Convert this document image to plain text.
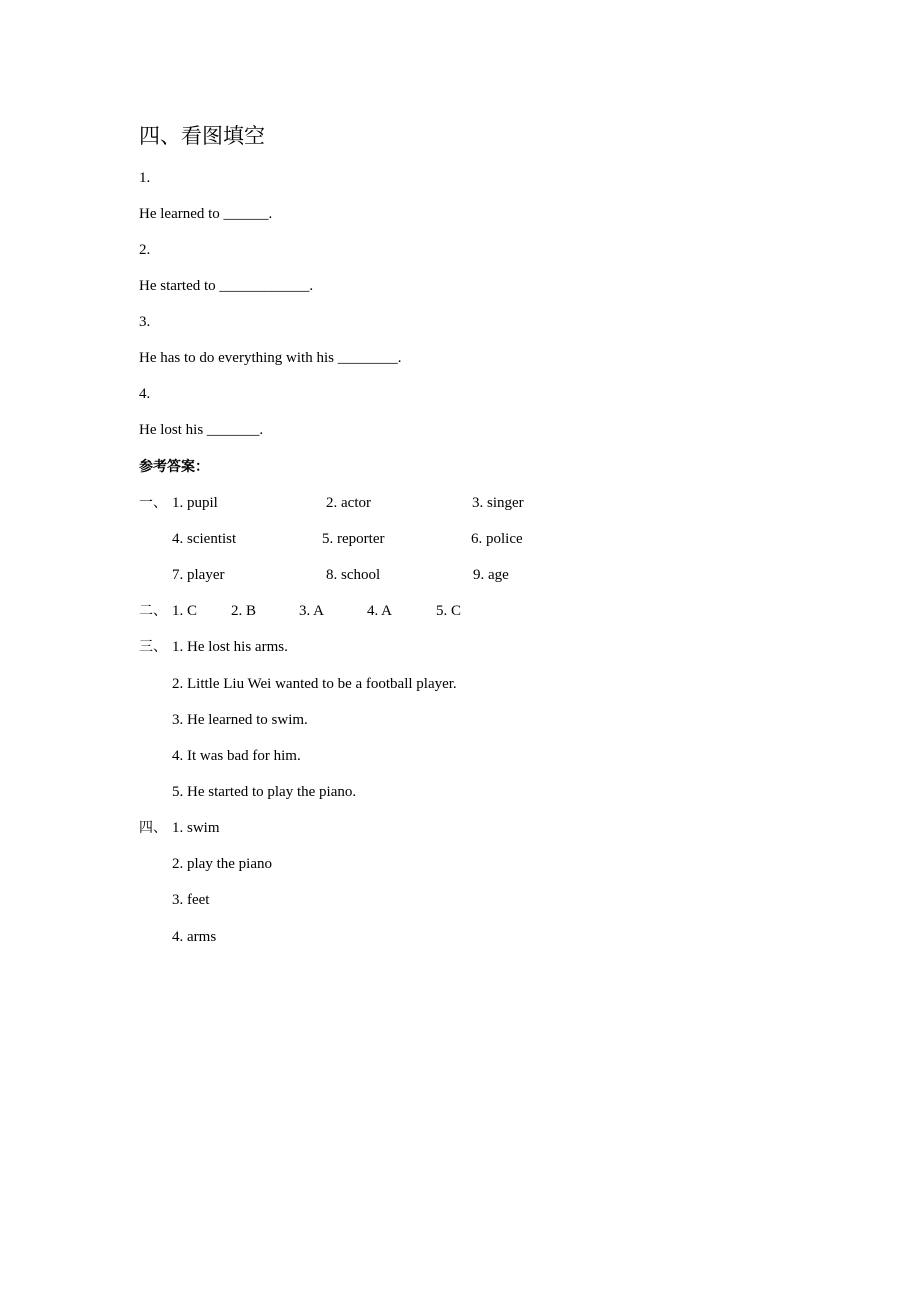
四、看图填空
1.
He learned to ______.
2.
He started to ____________.
3.
He has to do everything with his ________.
4.
He lost his _______.
参考答案：
一、 1. pupil	2. actor	3. singer
4. scientist	5. reporter	6. police
7. player	8. school	9. age
二、 1. C 2. B	3. A	4. A	5. C
三、 1. He lost his arms.
2. Little Liu Wei wanted to be a football player.
3. He learned to swim.
4. It was bad for him.
5. He started to play the piano.
四、 1. swim
2. play the piano
3. feet
4. arms
